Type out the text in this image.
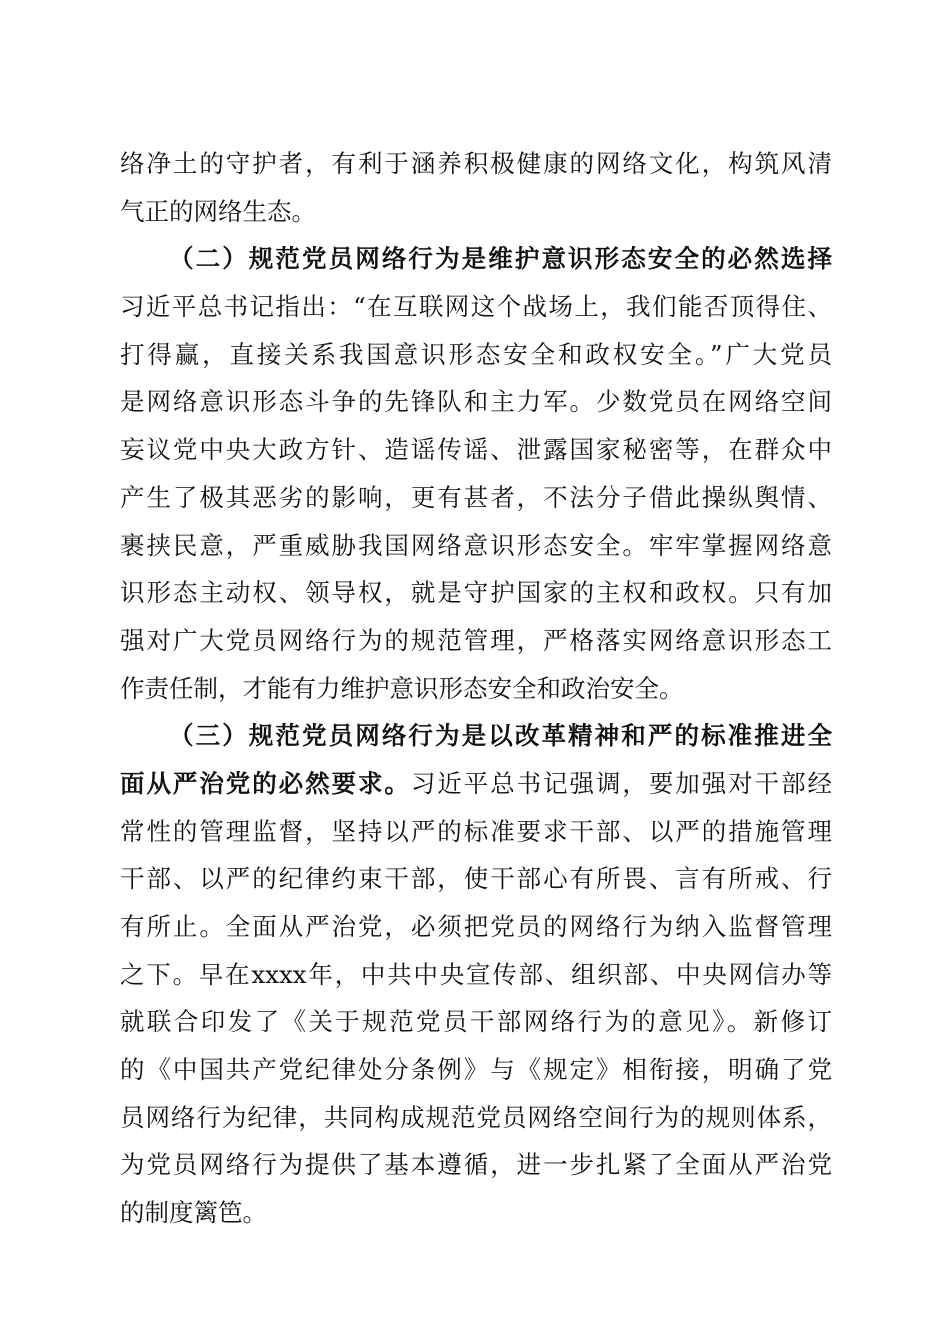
络净土的守护者，有利于涵养积极健康的网络文化，构筑风清
气正的网络生态。
（二）规范党员网络行为是维护意识形态安全的必然选择
习近平总书记指出：“在互联网这个战场上，我们能否顶得住、
打得赢，直接关系我国意识形态安全和政权安全。”广大党员
是网络意识形态斗争的先锋队和主力军。少数党员在网络空间
妄议党中央大政方针、造谣传谣、泄露国家秘密等，在群众中
产生了极其恶劣的影响，更有甚者，不法分子借此操纵舆情、
裹挟民意，严重威胁我国网络意识形态安全。牢牢掌握网络意
识形态主动权、领导权，就是守护国家的主权和政权。只有加
强对广大党员网络行为的规范管理，严格落实网络意识形态工
作责任制，才能有力维护意识形态安全和政治安全。
（三）规范党员网络行为是以改革精神和严的标准推进全
面从严治党的必然要求。习近平总书记强调，要加强对干部经
常性的管理监督，坚持以严的标准要求干部、以严的措施管理
干部、以严的纪律约束干部，使干部心有所畏、言有所戒、行
有所止。全面从严治党，必须把党员的网络行为纳入监督管理
之下。早在xxxx年，中共中央宣传部、组织部、中央网信办等
就联合印发了《关于规范党员干部网络行为的意见》。新修订
的《中国共产党纪律处分条例》与《规定》相衔接，明确了党
员网络行为纪律，共同构成规范党员网络空间行为的规则体系，
为党员网络行为提供了基本遵循，进一步扎紧了全面从严治党
的制度篱笆。
